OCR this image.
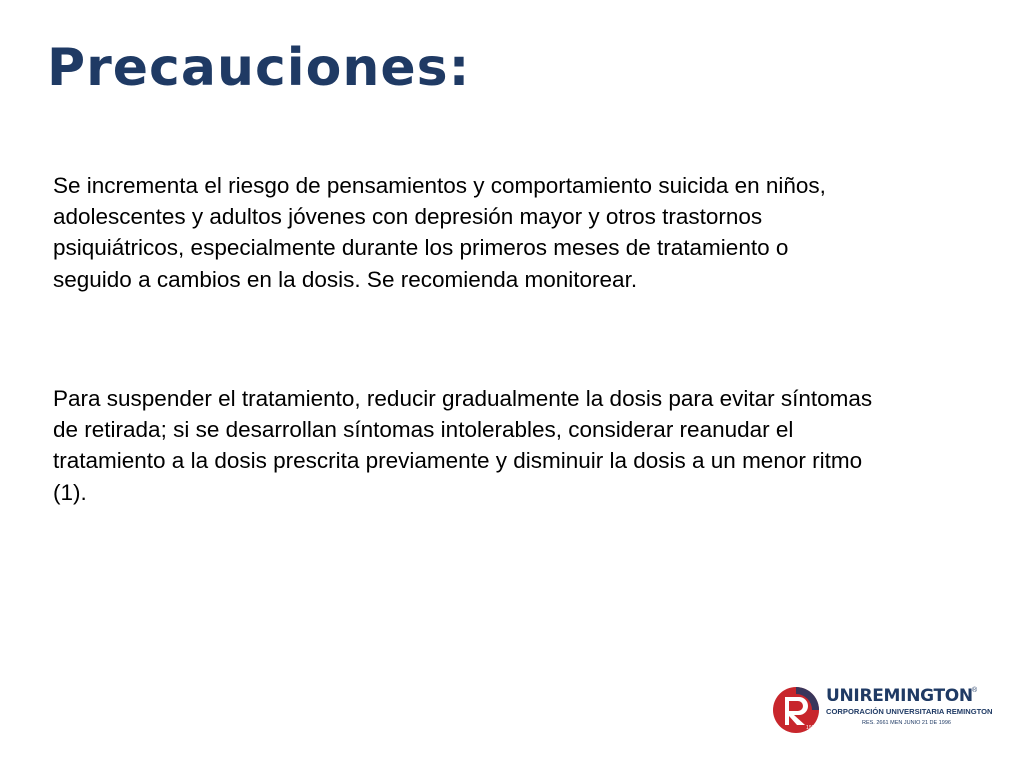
Precauciones:

Se incrementa el riesgo de pensamientos y comportamiento suicida en niños, adolescentes y adultos jóvenes con depresión mayor y otros trastornos psiquiátricos, especialmente durante los primeros meses de tratamiento o seguido a cambios en la dosis. Se recomienda monitorear.

Para suspender el tratamiento, reducir gradualmente la dosis para evitar síntomas de retirada; si se desarrollan síntomas intolerables, considerar reanudar el tratamiento a la dosis prescrita previamente y disminuir la dosis a un menor ritmo (1).

1915
UNIREMINGTON ®
CORPORACIÓN UNIVERSITARIA REMINGTON
RES. 2661 MEN JUNIO 21 DE 1996
